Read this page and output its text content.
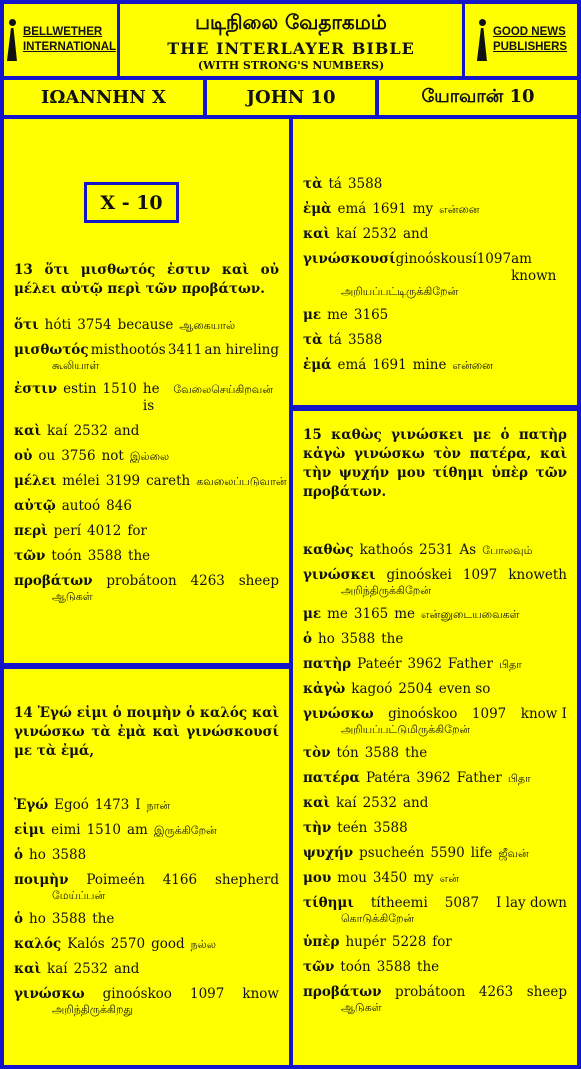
BELLWETHER
INTERNATIONAL
படிநிலை வேதாகமம்
THE INTERLAYER BIBLE
(WITH STRONG'S NUMBERS)
GOOD NEWS
PUBLISHERS
ΙΩΑΝΝΗΝ X	JOHN 10	யோவான் 10
X - 10
13 ὅτι μισθωτός ἐστιν καὶ οὐ μέλει αὐτῷ περὶ τῶν προβάτων.
ὅτι hóti 3754 because ஆகையால்
μισθωτός misthootós 3411 an hireling
கூலியாள்
ἐστιν estin 1510 he is
வேலைசெய்கிறவன்
καὶ kaí 2532 and
οὐ ou 3756 not இல்லை
μέλει mélei 3199 careth கவலைப்படுவான்
αὐτῷ autoó 846
περὶ perí 4012 for
τῶν toón 3588 the
προβάτων probátoon 4263 sheep
ஆடுகள்
14 Ἐγώ εἰμι ὁ ποιμὴν ὁ καλός καὶ γινώσκω τὰ ἐμὰ καὶ γινώσκουσί με τὰ ἐμά,
Ἐγώ Egoó 1473 I நான்
εἰμι eimi 1510 am இருக்கிறேன்
ὁ ho 3588
ποιμὴν Poimeén 4166 shepherd
மேய்ப்பன்
ὁ ho 3588 the
καλός Kalós 2570 good நல்ல
καὶ kaí 2532 and
γινώσκω ginoóskoo 1097 know
அறிந்திருக்கிறது
τὰ tá 3588
ἐμὰ emá 1691 my என்னை
καὶ kaí 2532 and
γινώσκουσί ginoóskousí 1097 am known
அறியப்பட்டிருக்கிறேன்
με me 3165
τὰ tá 3588
ἐμά emá 1691 mine என்னை
15 καθὼς γινώσκει με ὁ πατὴρ κἀγὼ γινώσκω τὸν πατέρα, καὶ τὴν ψυχήν μου τίθημι ὑπὲρ τῶν προβάτων.
καθὼς kathoós 2531 As போலவும்
γινώσκει ginoóskei 1097 knoweth
அறிந்திருக்கிறேன்
με me 3165 me என்னுடையவைகள்
ὁ ho 3588 the
πατὴρ Pateér 3962 Father பிதா
κἀγὼ kagoó 2504 even so
γινώσκω ginoóskoo 1097 know I
அறியப்பட்டுமிருக்கிறேன்
τὸν tón 3588 the
πατέρα Patéra 3962 Father பிதா
καὶ kaí 2532 and
τὴν teén 3588
ψυχήν psucheén 5590 life ஜீவன்
μου mou 3450 my என்
τίθημι títheemi 5087 I lay down
கொடுக்கிறேன்
ὑπὲρ hupér 5228 for
τῶν toón 3588 the
προβάτων probátoon 4263 sheep
ஆடுகள்
